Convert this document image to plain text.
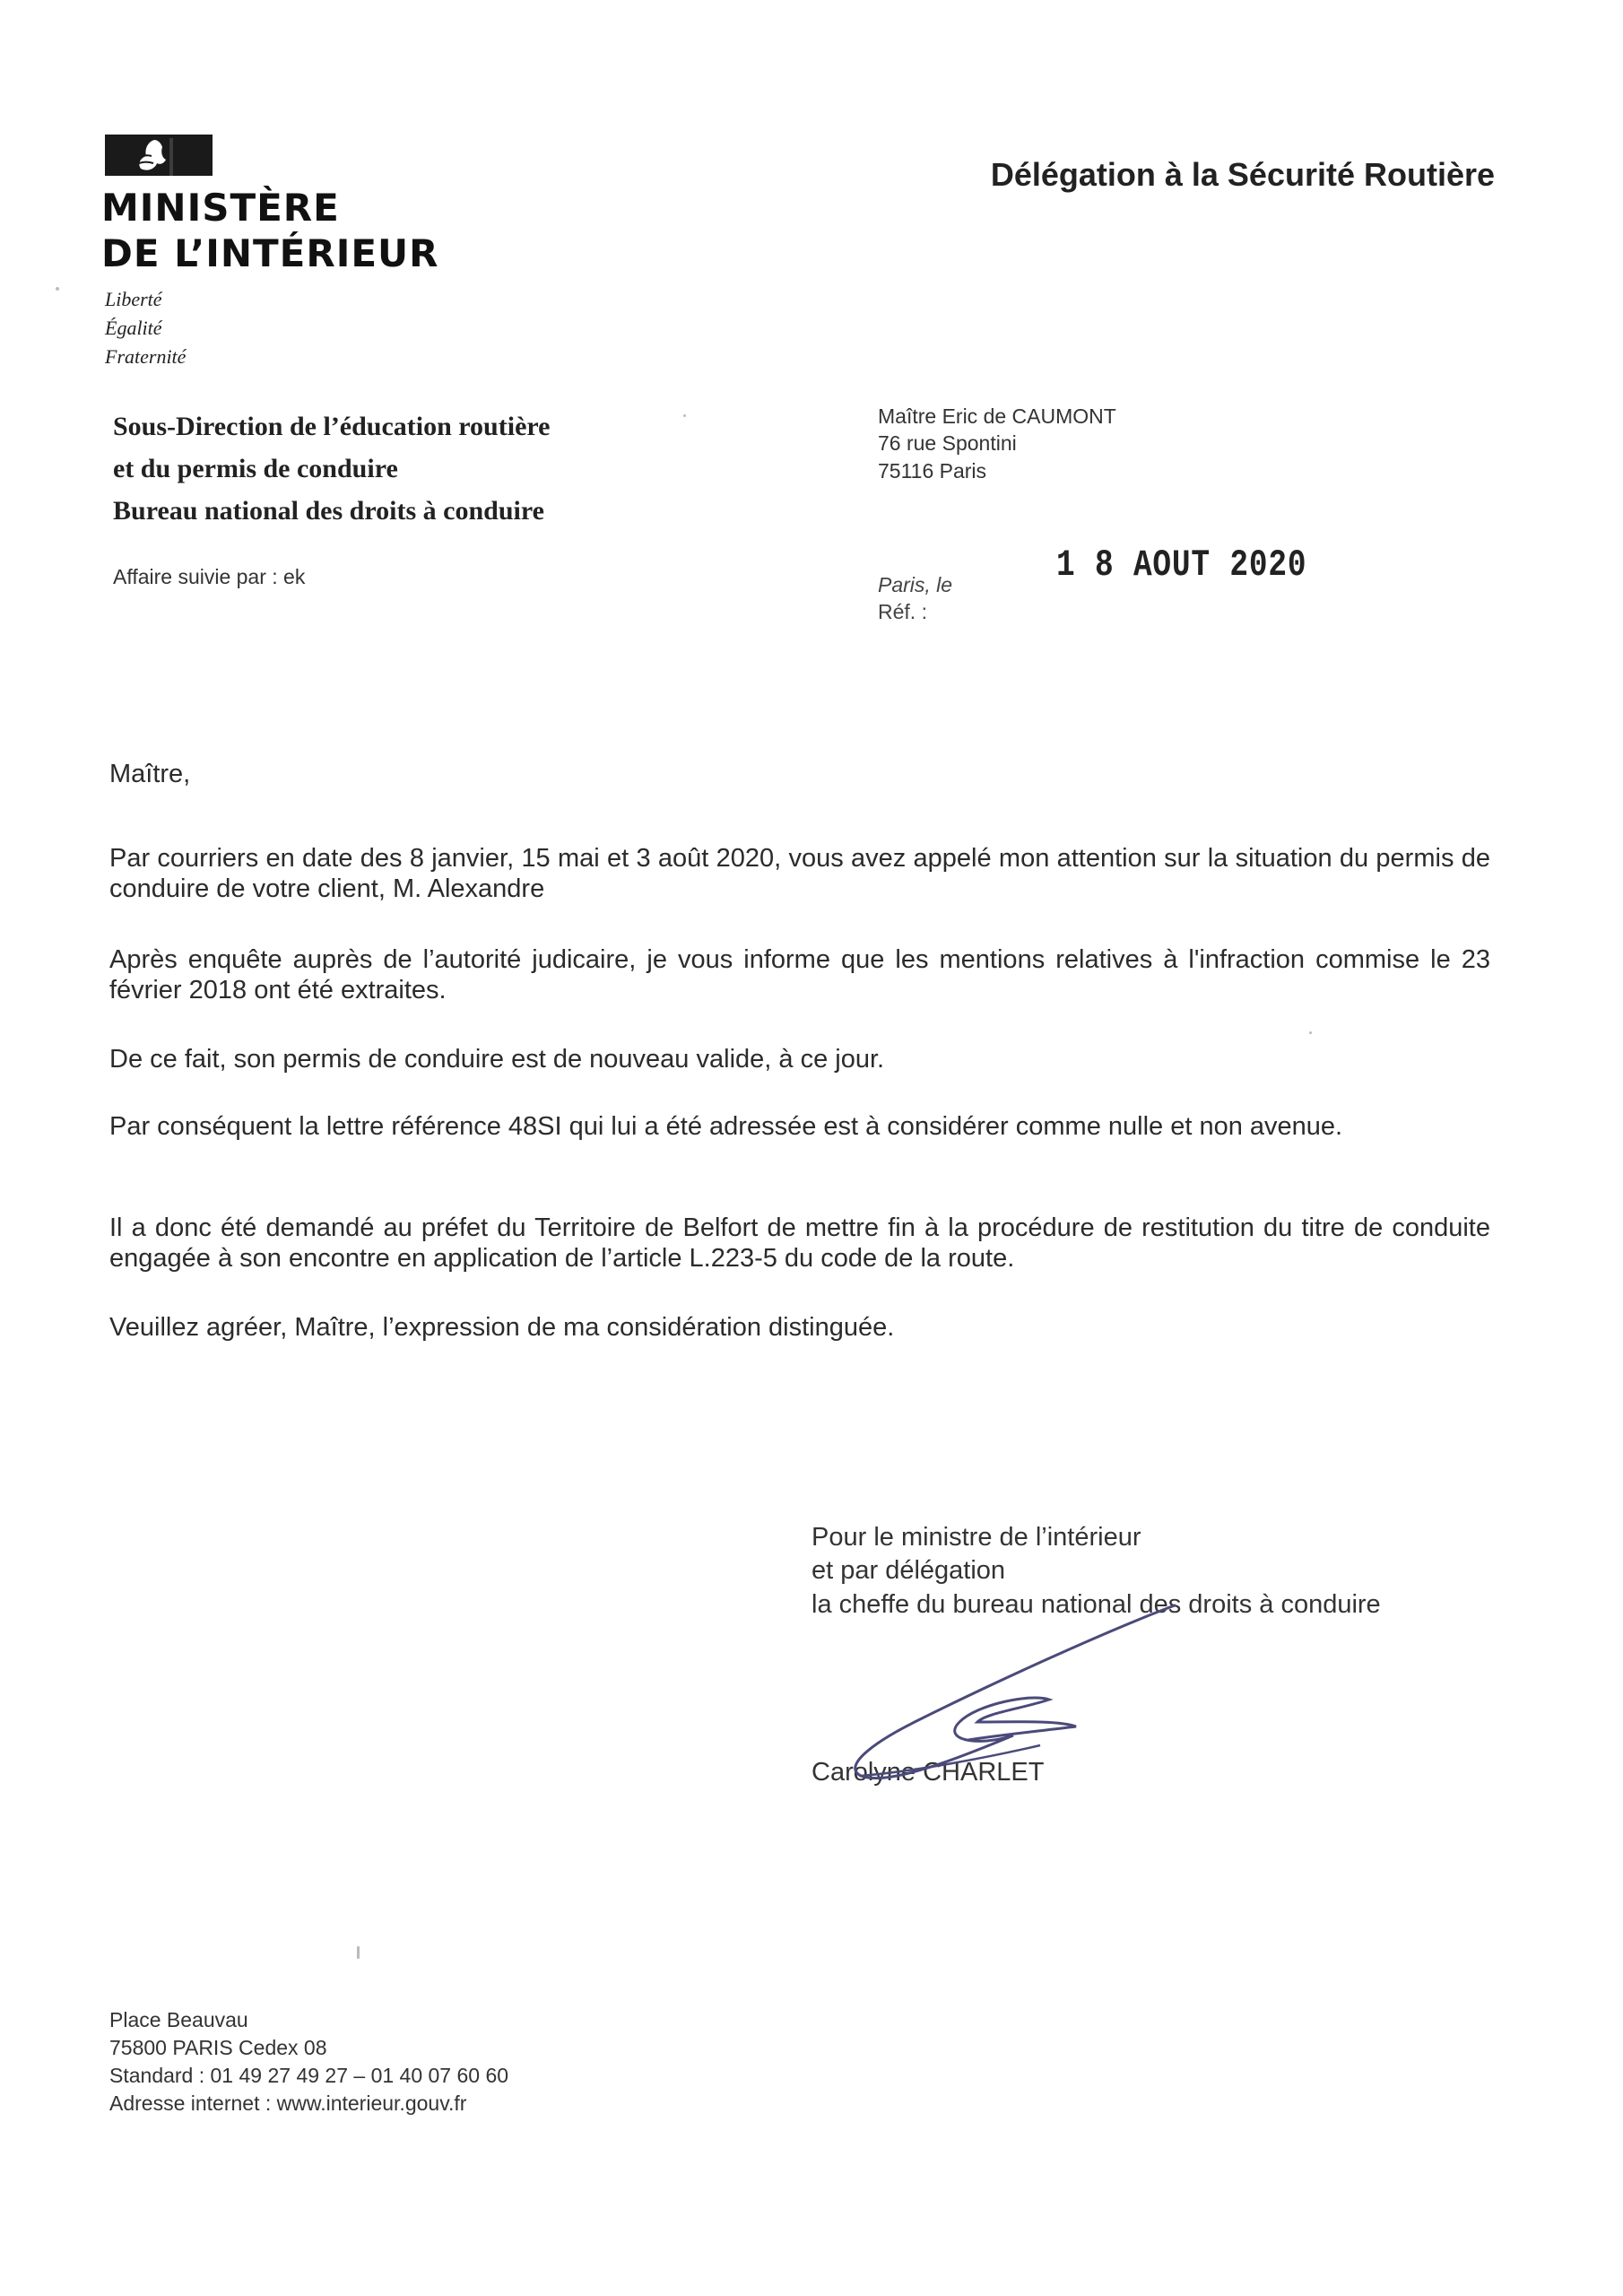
MINISTÈRE
DE L’INTÉRIEUR
Liberté
Égalité
Fraternité
Délégation à la Sécurité Routière
Sous-Direction de l’éducation routière
et du permis de conduire
Bureau national des droits à conduire
Affaire suivie par : ek
Maître Eric de CAUMONT
76 rue Spontini
75116 Paris
Paris, le	1 8 AOUT 2020
Réf. :
Maître,
Par courriers en date des 8 janvier, 15 mai et 3 août 2020, vous avez appelé mon attention sur la situation du permis de conduire de votre client, M. Alexandre
Après enquête auprès de l’autorité judicaire, je vous informe que les mentions relatives à l'infraction commise le 23 février 2018 ont été extraites.
De ce fait, son permis de conduire est de nouveau valide, à ce jour.
Par conséquent la lettre référence 48SI qui lui a été adressée est à considérer comme nulle et non avenue.
Il a donc été demandé au préfet du Territoire de Belfort de mettre fin à la procédure de restitution du titre de conduite engagée à son encontre en application de l’article L.223-5 du code de la route.
Veuillez agréer, Maître, l’expression de ma considération distinguée.
Pour le ministre de l’intérieur
et par délégation
la cheffe du bureau national des droits à conduire
Carolyne CHARLET
Place Beauvau
75800 PARIS Cedex 08
Standard : 01 49 27 49 27 – 01 40 07 60 60
Adresse internet : www.interieur.gouv.fr
